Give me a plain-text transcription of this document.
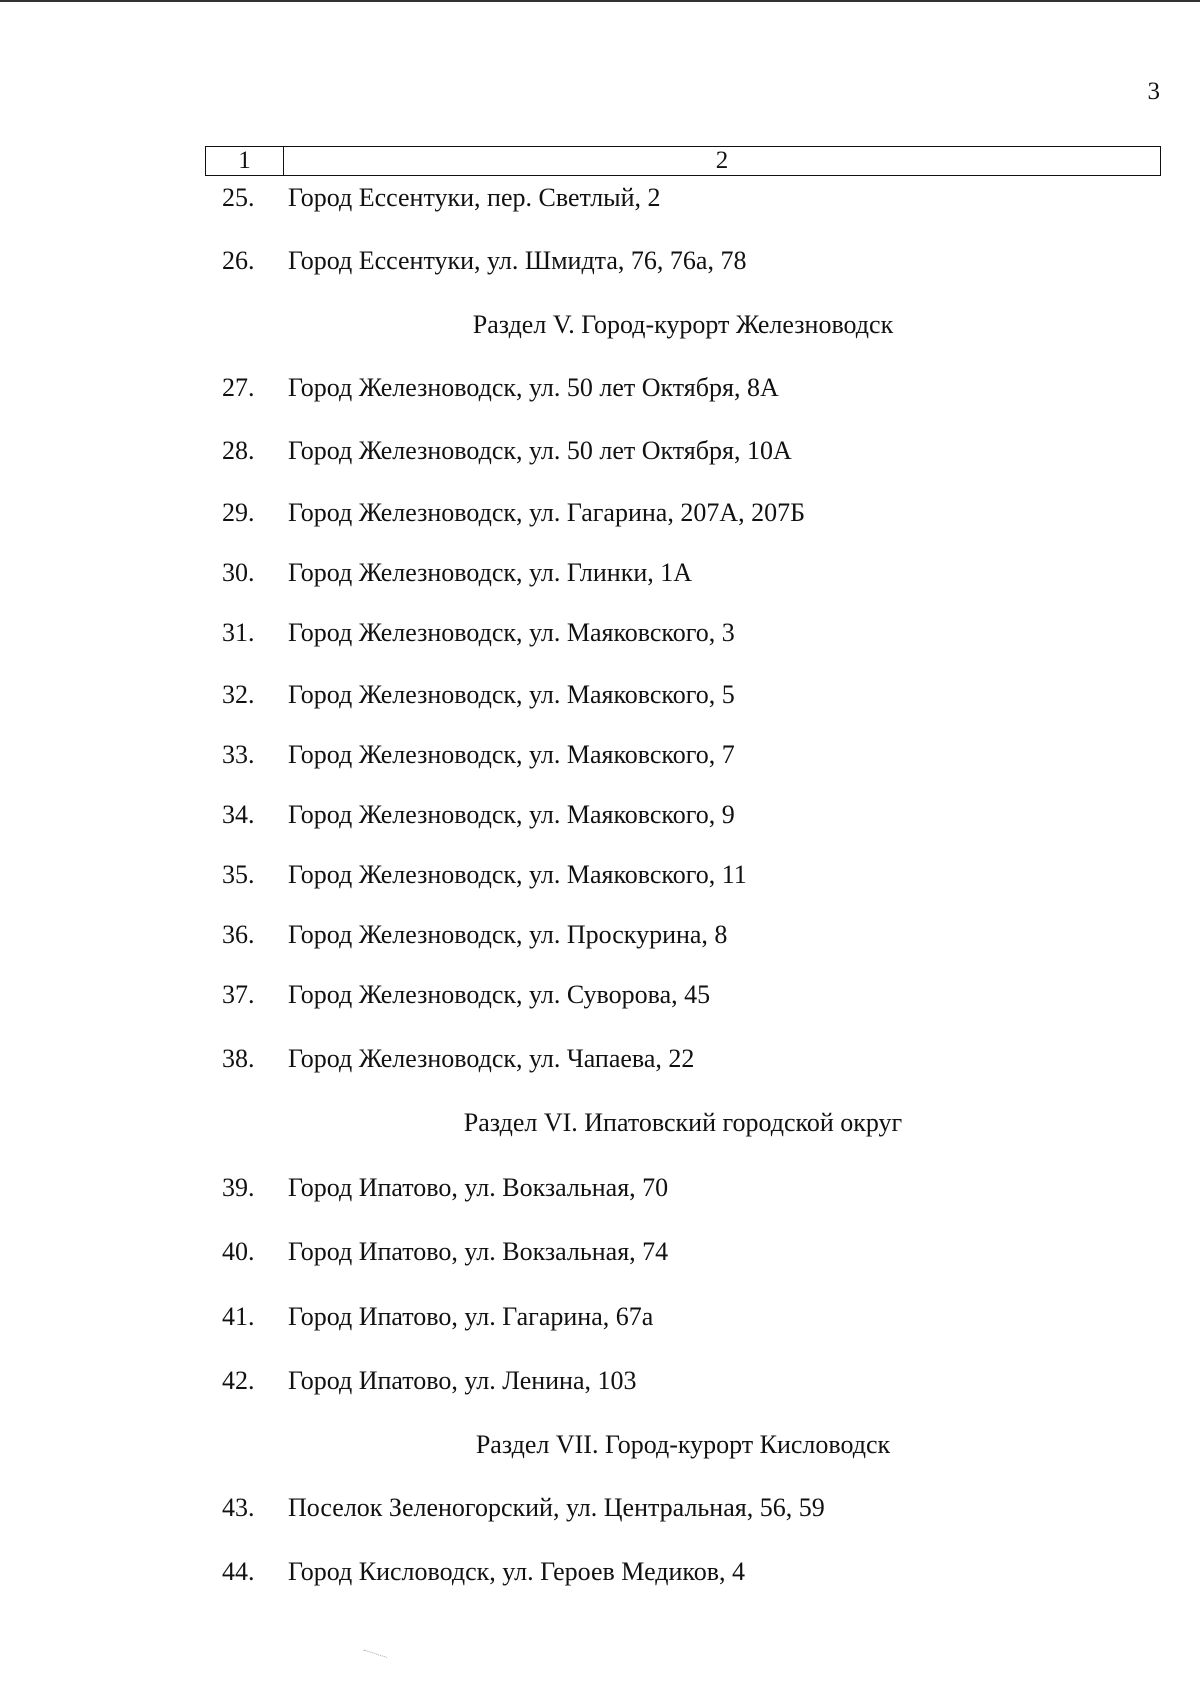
3
1	2
25. Город Ессентуки, пер. Светлый, 2
26. Город Ессентуки, ул. Шмидта, 76, 76а, 78
Раздел V. Город-курорт Железноводск
27. Город Железноводск, ул. 50 лет Октября, 8А
28. Город Железноводск, ул. 50 лет Октября, 10А
29. Город Железноводск, ул. Гагарина, 207А, 207Б
30. Город Железноводск, ул. Глинки, 1А
31. Город Железноводск, ул. Маяковского, 3
32. Город Железноводск, ул. Маяковского, 5
33. Город Железноводск, ул. Маяковского, 7
34. Город Железноводск, ул. Маяковского, 9
35. Город Железноводск, ул. Маяковского, 11
36. Город Железноводск, ул. Проскурина, 8
37. Город Железноводск, ул. Суворова, 45
38. Город Железноводск, ул. Чапаева, 22
Раздел VI. Ипатовский городской округ
39. Город Ипатово, ул. Вокзальная, 70
40. Город Ипатово, ул. Вокзальная, 74
41. Город Ипатово, ул. Гагарина, 67а
42. Город Ипатово, ул. Ленина, 103
Раздел VII. Город-курорт Кисловодск
43. Поселок Зеленогорский, ул. Центральная, 56, 59
44. Город Кисловодск, ул. Героев Медиков, 4
